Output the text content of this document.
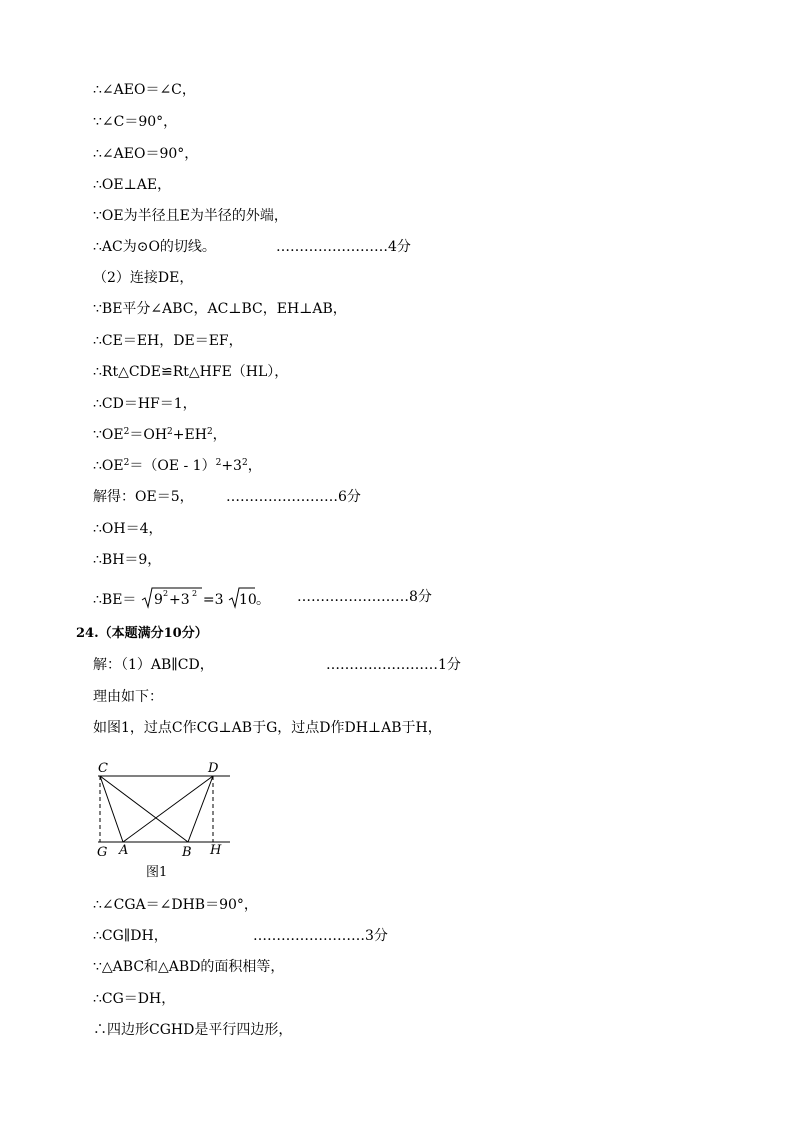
∴∠AEO＝∠C，
∵∠C＝90°，
∴∠AEO＝90°，
∴OE⊥AE，
∵OE为半径且E为半径的外端，
∴AC为⊙O的切线。	……………………4分
（2）连接DE，
∵BE平分∠ABC，AC⊥BC，EH⊥AB，
∴CE＝EH，DE＝EF，
∴Rt△CDE≌Rt△HFE（HL），
∴CD＝HF＝1，
$\because OE^2=OH^2+EH^2$，
$\therefore OE^2=(OE - 1)^2+3^2$，
解得：OE＝5， ……………………6分
∴OH＝4，
∴BH＝9，
∴BE＝ 9 2 +3 2 =3 10 。 ……………………8分
24.（本题满分10分）
解：（1）AB∥CD，	……………………1分
理由如下：
如图1，过点C作CG⊥AB于G，过点D作DH⊥AB于H，
C	D
G A	B H
图1
∴∠CGA＝∠DHB＝90°，
∴CG∥DH，	……………………3分
∵△ABC和△ABD的面积相等，
∴CG＝DH，
∴四边形CGHD是平行四边形，
